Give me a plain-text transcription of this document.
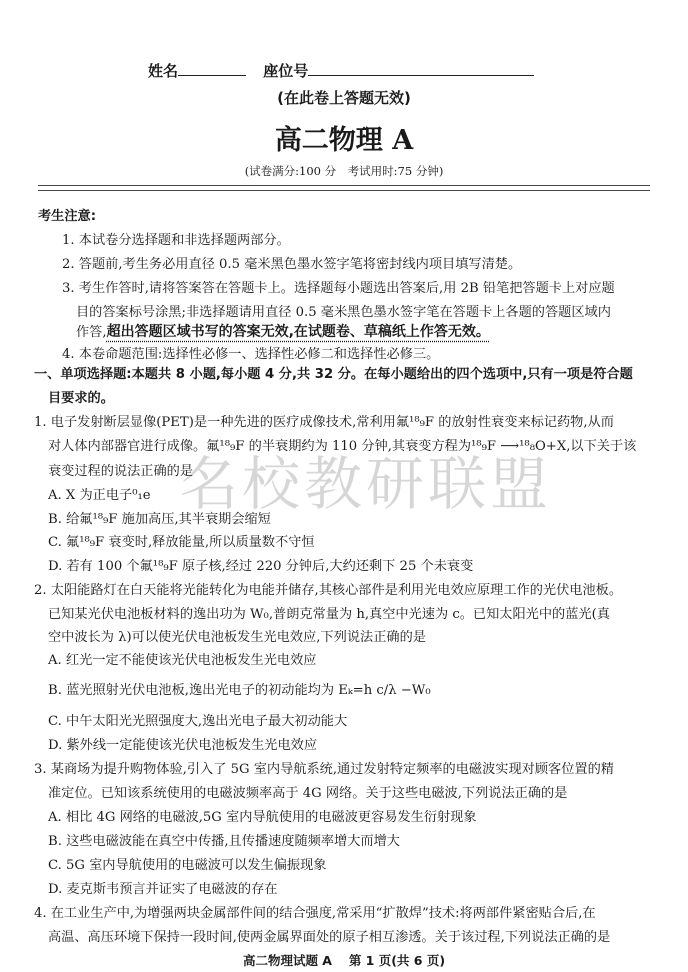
姓名	座位号
(在此卷上答题无效)
高二物理 A
(试卷满分:100 分　考试用时:75 分钟)
名校教研联盟
考生注意:
1. 本试卷分选择题和非选择题两部分。
2. 答题前,考生务必用直径 0.5 毫米黑色墨水签字笔将密封线内项目填写清楚。
3. 考生作答时,请将答案答在答题卡上。选择题每小题选出答案后,用 2B 铅笔把答题卡上对应题
目的答案标号涂黑;非选择题请用直径 0.5 毫米黑色墨水签字笔在答题卡上各题的答题区域内
作答,超出答题区域书写的答案无效,在试题卷、草稿纸上作答无效。
4. 本卷命题范围:选择性必修一、选择性必修二和选择性必修三。
一、单项选择题:本题共 8 小题,每小题 4 分,共 32 分。在每小题给出的四个选项中,只有一项是符合题
目要求的。
1. 电子发射断层显像(PET)是一种先进的医疗成像技术,常利用氟¹⁸₉F 的放射性衰变来标记药物,从而
对人体内部器官进行成像。氟¹⁸₉F 的半衰期约为 110 分钟,其衰变方程为¹⁸₉F ⟶¹⁸₈O+X,以下关于该
衰变过程的说法正确的是
A. X 为正电子⁰₁e
B. 给氟¹⁸₉F 施加高压,其半衰期会缩短
C. 氟¹⁸₉F 衰变时,释放能量,所以质量数不守恒
D. 若有 100 个氟¹⁸₉F 原子核,经过 220 分钟后,大约还剩下 25 个未衰变
2. 太阳能路灯在白天能将光能转化为电能并储存,其核心部件是利用光电效应原理工作的光伏电池板。
已知某光伏电池板材料的逸出功为 W₀,普朗克常量为 h,真空中光速为 c。已知太阳光中的蓝光(真
空中波长为 λ)可以使光伏电池板发生光电效应,下列说法正确的是
A. 红光一定不能使该光伏电池板发生光电效应
B. 蓝光照射光伏电池板,逸出光电子的初动能均为 Eₖ=h c/λ −W₀
C. 中午太阳光光照强度大,逸出光电子最大初动能大
D. 紫外线一定能使该光伏电池板发生光电效应
3. 某商场为提升购物体验,引入了 5G 室内导航系统,通过发射特定频率的电磁波实现对顾客位置的精
准定位。已知该系统使用的电磁波频率高于 4G 网络。关于这些电磁波,下列说法正确的是
A. 相比 4G 网络的电磁波,5G 室内导航使用的电磁波更容易发生衍射现象
B. 这些电磁波能在真空中传播,且传播速度随频率增大而增大
C. 5G 室内导航使用的电磁波可以发生偏振现象
D. 麦克斯韦预言并证实了电磁波的存在
4. 在工业生产中,为增强两块金属部件间的结合强度,常采用“扩散焊”技术:将两部件紧密贴合后,在
高温、高压环境下保持一段时间,使两金属界面处的原子相互渗透。关于该过程,下列说法正确的是
高二物理试题 A　 第 1 页(共 6 页)
